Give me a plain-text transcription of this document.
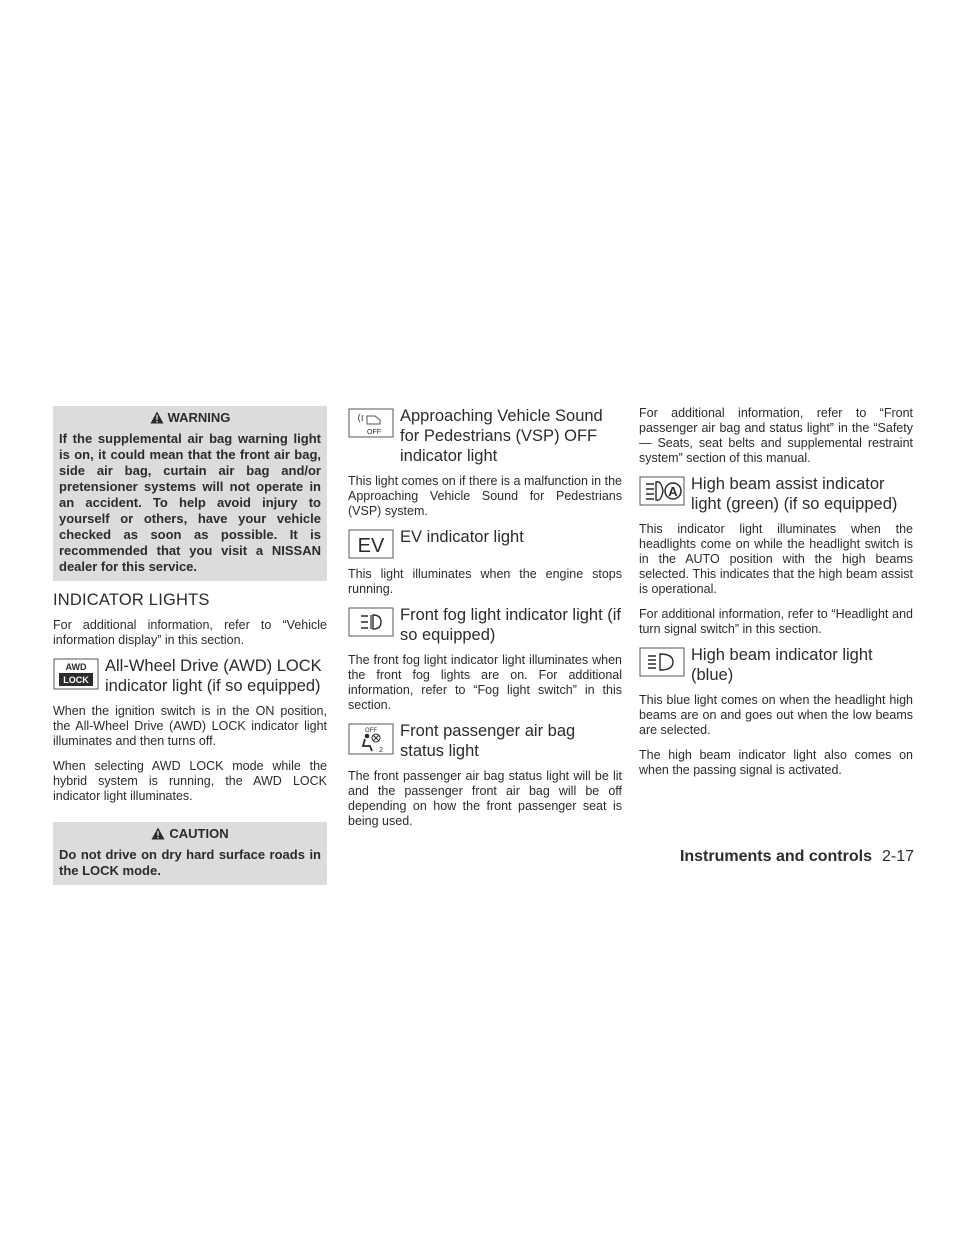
WARNING
If the supplemental air bag warning light is on, it could mean that the front air bag, side air bag, curtain air bag and/or pretensioner systems will not operate in an accident. To help avoid injury to yourself or others, have your vehicle checked as soon as possible. It is recommended that you visit a NISSAN dealer for this service.
INDICATOR LIGHTS

For additional information, refer to “Vehicle information display” in this section.

AWD
LOCK
All-Wheel Drive (AWD) LOCK indicator light (if so equipped)

When the ignition switch is in the ON position, the All-Wheel Drive (AWD) LOCK indicator light illuminates and then turns off.

When selecting AWD LOCK mode while the hybrid system is running, the AWD LOCK indicator light illuminates.

CAUTION
Do not drive on dry hard surface roads in the LOCK mode.
OFF
Approaching Vehicle Sound for Pedestrians (VSP) OFF indicator light

This light comes on if there is a malfunction in the Approaching Vehicle Sound for Pedestrians (VSP) system.

EV EV indicator light

This light illuminates when the engine stops running.

Front fog light indicator light (if so equipped)

The front fog light indicator light illuminates when the front fog lights are on. For additional information, refer to “Fog light switch” in this section.

OFF
2
Front passenger air bag status light

The front passenger air bag status light will be lit and the passenger front air bag will be off depending on how the front passenger seat is being used.

For additional information, refer to “Front passenger air bag and status light” in the “Safety — Seats, seat belts and supplemental restraint system” section of this manual.

A High beam assist indicator light (green) (if so equipped)

This indicator light illuminates when the headlights come on while the headlight switch is in the AUTO position with the high beams selected. This indicates that the high beam assist is operational.

For additional information, refer to “Headlight and turn signal switch” in this section.

High beam indicator light (blue)

This blue light comes on when the headlight high beams are on and goes out when the low beams are selected.

The high beam indicator light also comes on when the passing signal is activated.

Instruments and controls 2-17
